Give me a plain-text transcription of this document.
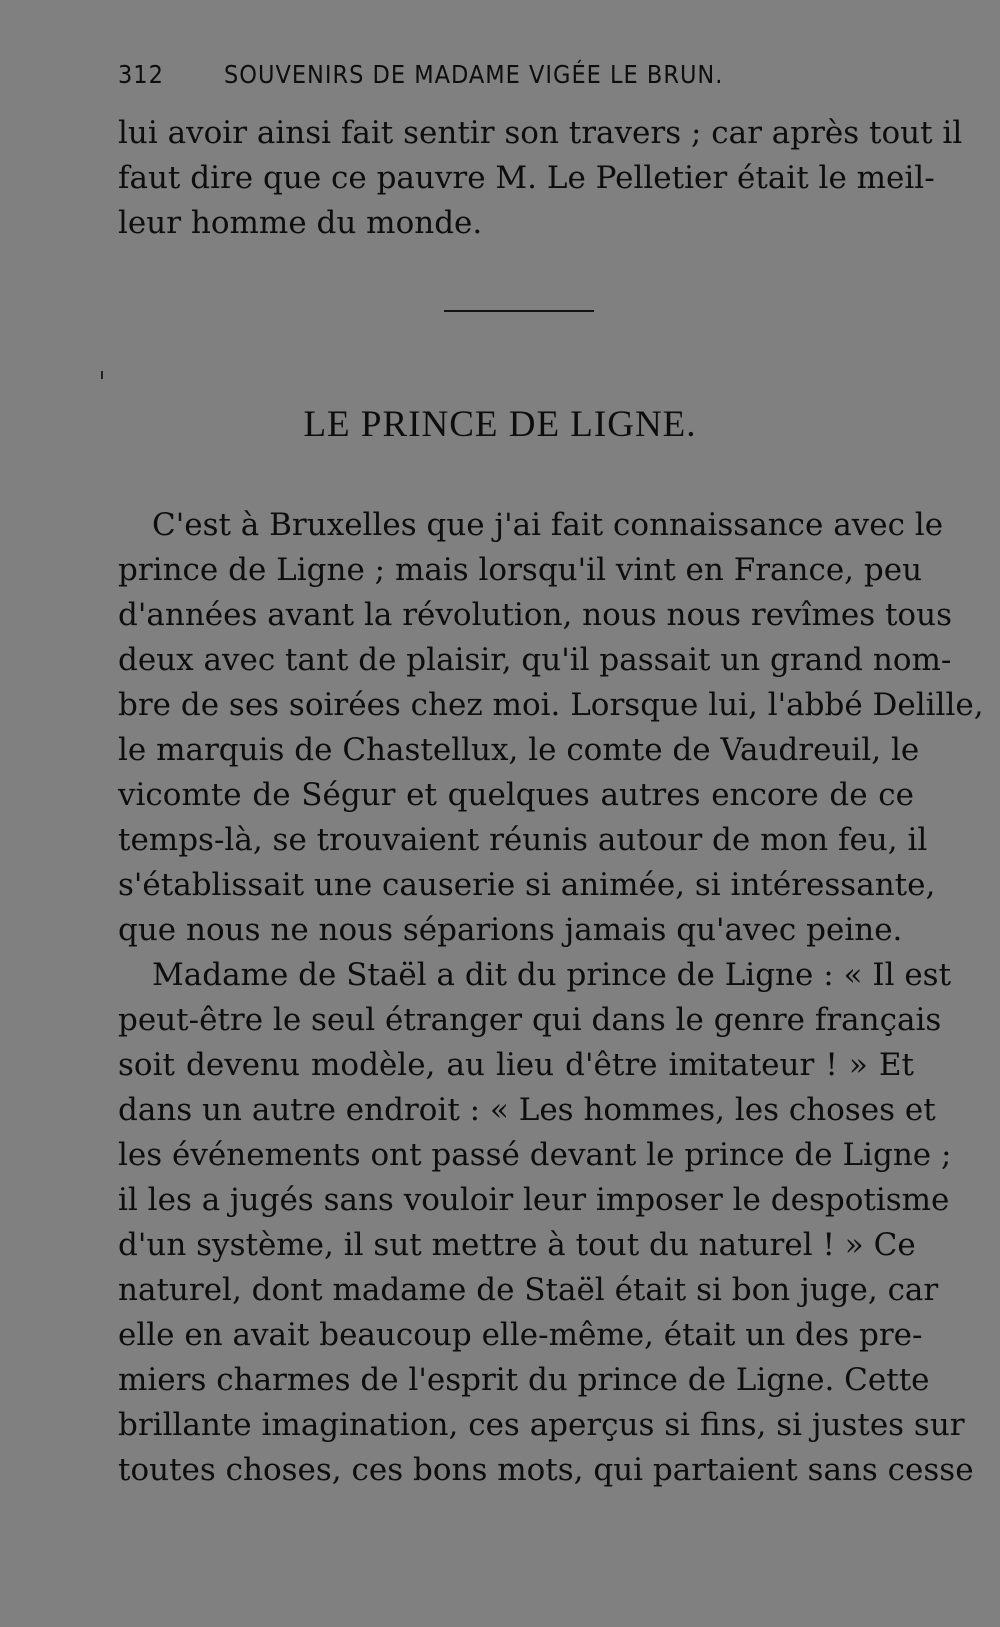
312 SOUVENIRS DE MADAME VIGÉE LE BRUN.
lui avoir ainsi fait sentir son travers ; car après tout il
faut dire que ce pauvre M. Le Pelletier était le meil-
leur homme du monde.
LE PRINCE DE LIGNE.
C'est à Bruxelles que j'ai fait connaissance avec le
prince de Ligne ; mais lorsqu'il vint en France, peu
d'années avant la révolution, nous nous revîmes tous
deux avec tant de plaisir, qu'il passait un grand nom-
bre de ses soirées chez moi. Lorsque lui, l'abbé Delille,
le marquis de Chastellux, le comte de Vaudreuil, le
vicomte de Ségur et quelques autres encore de ce
temps-là, se trouvaient réunis autour de mon feu, il
s'établissait une causerie si animée, si intéressante,
que nous ne nous séparions jamais qu'avec peine.
Madame de Staël a dit du prince de Ligne : « Il est
peut-être le seul étranger qui dans le genre français
soit devenu modèle, au lieu d'être imitateur ! » Et
dans un autre endroit : « Les hommes, les choses et
les événements ont passé devant le prince de Ligne ;
il les a jugés sans vouloir leur imposer le despotisme
d'un système, il sut mettre à tout du naturel ! » Ce
naturel, dont madame de Staël était si bon juge, car
elle en avait beaucoup elle-même, était un des pre-
miers charmes de l'esprit du prince de Ligne. Cette
brillante imagination, ces aperçus si fins, si justes sur
toutes choses, ces bons mots, qui partaient sans cesse
